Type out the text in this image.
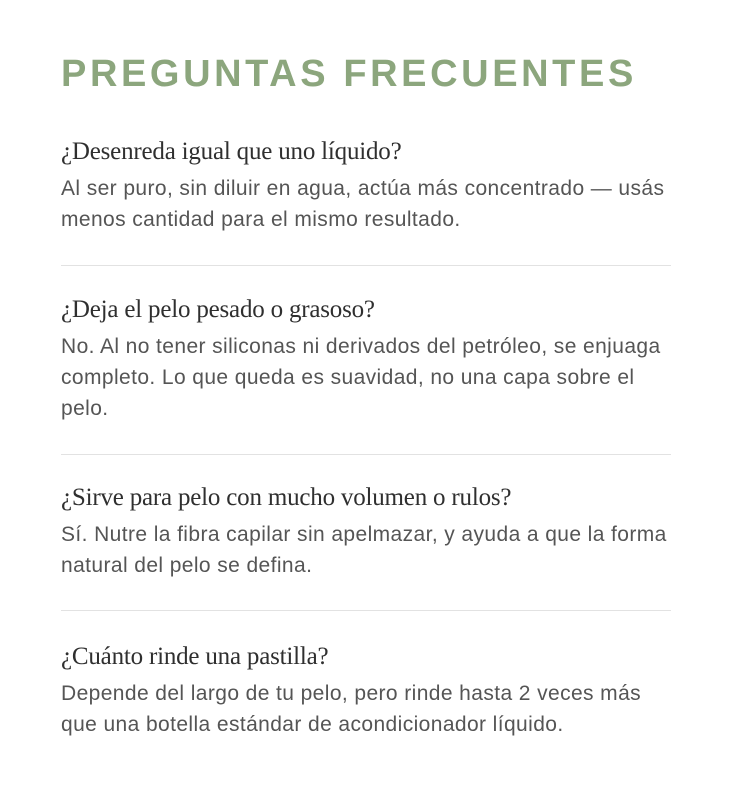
PREGUNTAS FRECUENTES
¿Desenreda igual que uno líquido?

Al ser puro, sin diluir en agua, actúa más concentrado — usás menos cantidad para el mismo resultado.

¿Deja el pelo pesado o grasoso?

No. Al no tener siliconas ni derivados del petróleo, se enjuaga completo. Lo que queda es suavidad, no una capa sobre el pelo.

¿Sirve para pelo con mucho volumen o rulos?

Sí. Nutre la fibra capilar sin apelmazar, y ayuda a que la forma natural del pelo se defina.

¿Cuánto rinde una pastilla?

Depende del largo de tu pelo, pero rinde hasta 2 veces más que una botella estándar de acondicionador líquido.
